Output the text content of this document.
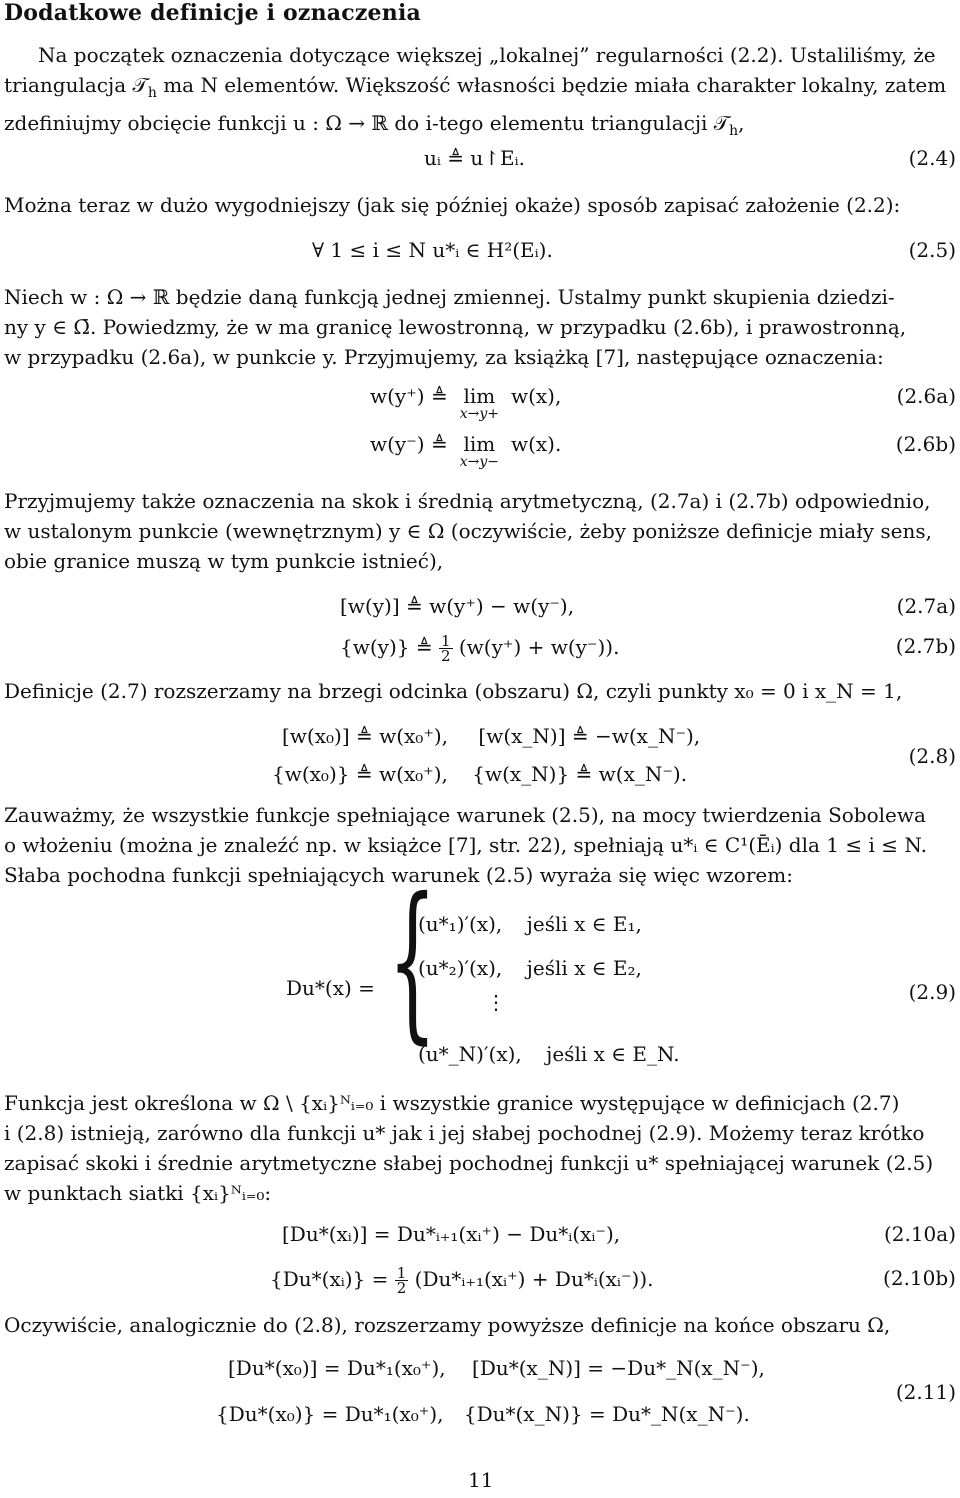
Dodatkowe definicje i oznaczenia

Na początek oznaczenia dotyczące większej „lokalnej” regularności (2.2). Ustaliliśmy, że

triangulacja 𝒯$_h$ ma N elementów. Większość własności będzie miała charakter lokalny, zatem

zdefiniujmy obcięcie funkcji u : Ω → ℝ do i-tego elementu triangulacji 𝒯$_h$,

uᵢ ≜ u↾Eᵢ.	(2.4)

Można teraz w dużo wygodniejszy (jak się później okaże) sposób zapisać założenie (2.2):

∀ 1 ≤ i ≤ N u*ᵢ ∈ H²(Eᵢ).	(2.5)

Niech w : Ω → ℝ będzie daną funkcją jednej zmiennej. Ustalmy punkt skupienia dziedzi-

ny y ∈ Ω̄. Powiedzmy, że w ma granicę lewostronną, w przypadku (2.6b), i prawostronną,

w przypadku (2.6a), w punkcie y. Przyjmujemy, za książką [7], następujące oznaczenia:

w(y⁺) ≜ lim
x→y+
w(x),	(2.6a)
w(y⁻) ≜ lim
x→y−
w(x).	(2.6b)

Przyjmujemy także oznaczenia na skok i średnią arytmetyczną, (2.7a) i (2.7b) odpowiednio,

w ustalonym punkcie (wewnętrznym) y ∈ Ω (oczywiście, żeby poniższe definicje miały sens,

obie granice muszą w tym punkcie istnieć),

[w(y)] ≜ w(y⁺) − w(y⁻),	(2.7a)
{w(y)} ≜ $\frac{1}{2} (w(y^+) + w(y^-))$.	(2.7b)

Definicje (2.7) rozszerzamy na brzegi odcinka (obszaru) Ω, czyli punkty x₀ = 0 i x_N = 1,

[w(x₀)] ≜ w(x₀⁺), [w(x_N)] ≜ −w(x_N⁻),
{w(x₀)} ≜ w(x₀⁺), {w(x_N)} ≜ w(x_N⁻).
(2.8)

Zauważmy, że wszystkie funkcje spełniające warunek (2.5), na mocy twierdzenia Sobolewa

o włożeniu (można je znaleźć np. w książce [7], str. 22), spełniają u*ᵢ ∈ C¹(Ēᵢ) dla 1 ≤ i ≤ N.

Słaba pochodna funkcji spełniających warunek (2.5) wyraża się więc wzorem:

Du*(x) = {
(u*₁)′(x), jeśli x ∈ E₁,
(u*₂)′(x), jeśli x ∈ E₂,
⋮
(u*_N)′(x), jeśli x ∈ E_N.
(2.9)

Funkcja jest określona w Ω \ {xᵢ}ᴺᵢ₌₀ i wszystkie granice występujące w definicjach (2.7)

i (2.8) istnieją, zarówno dla funkcji u* jak i jej słabej pochodnej (2.9). Możemy teraz krótko

zapisać skoki i średnie arytmetyczne słabej pochodnej funkcji u* spełniającej warunek (2.5)

w punktach siatki {xᵢ}ᴺᵢ₌₀:

[Du*(xᵢ)] = Du*ᵢ₊₁(xᵢ⁺) − Du*ᵢ(xᵢ⁻),	(2.10a)
{Du*(xᵢ)} = $\frac{1}{2}$ (Du*ᵢ₊₁(xᵢ⁺) + Du*ᵢ(xᵢ⁻)).	(2.10b)

Oczywiście, analogicznie do (2.8), rozszerzamy powyższe definicje na końce obszaru Ω,

[Du*(x₀)] = Du*₁(x₀⁺), [Du*(x_N)] = −Du*_N(x_N⁻),
{Du*(x₀)} = Du*₁(x₀⁺), {Du*(x_N)} = Du*_N(x_N⁻).
(2.11)
11
